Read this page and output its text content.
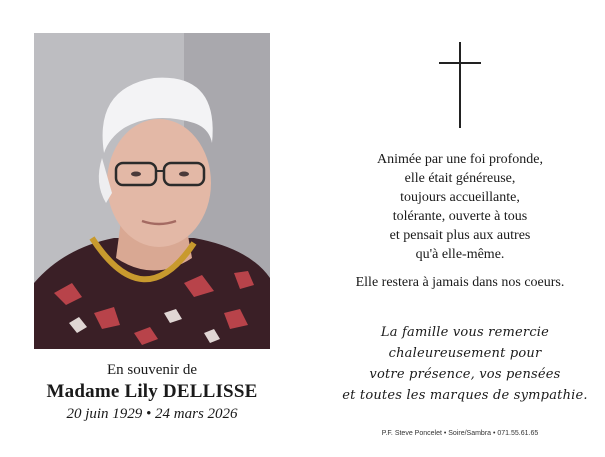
En souvenir de
Madame Lily DELLISSE
20 juin 1929 • 24 mars 2026
Animée par une foi profonde,
elle était généreuse,
toujours accueillante,
tolérante, ouverte à tous
et pensait plus aux autres
qu'à elle-même.
Elle restera à jamais dans nos coeurs.
La famille vous remercie
chaleureusement pour
votre présence, vos pensées
et toutes les marques de sympathie.
P.F. Steve Poncelet • Soire/Sambra • 071.55.61.65
